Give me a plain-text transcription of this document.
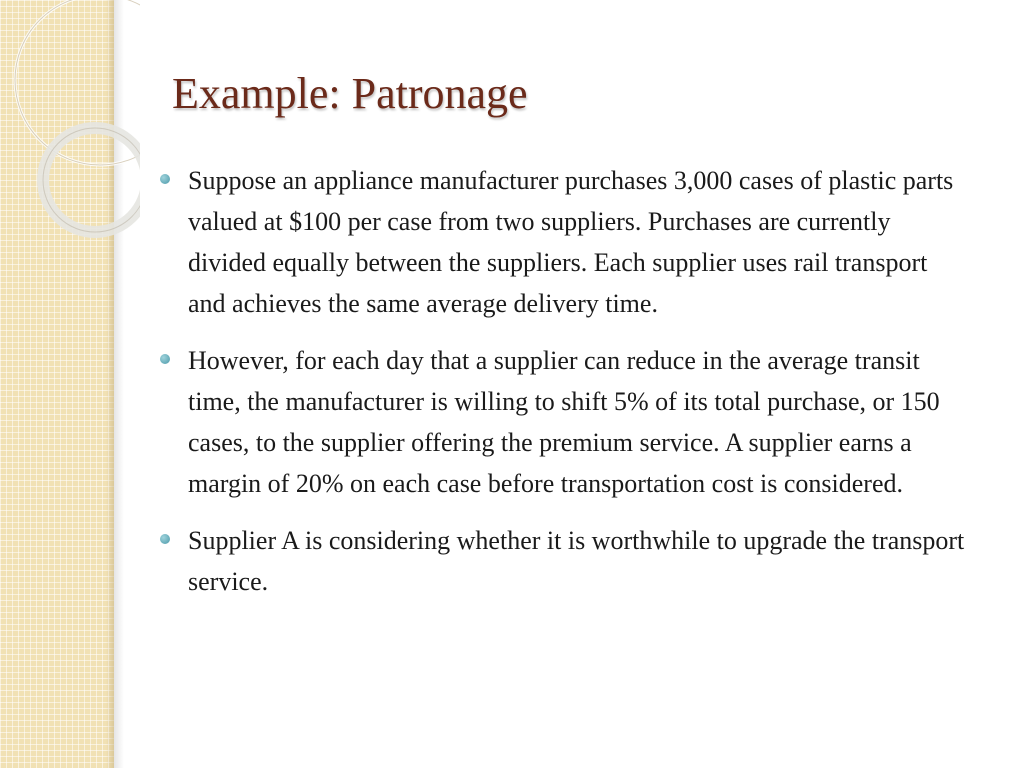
Example: Patronage
Suppose an appliance manufacturer purchases 3,000 cases of plastic parts valued at $100 per case from two suppliers. Purchases are currently divided equally between the suppliers. Each supplier uses rail transport and achieves the same average delivery time.
However, for each day that a supplier can reduce in the average transit time, the manufacturer is willing to shift 5% of its total purchase, or 150 cases, to the supplier offering the premium service. A supplier earns a margin of 20% on each case before transportation cost is considered.
Supplier A is considering whether it is worthwhile to upgrade the transport service.
